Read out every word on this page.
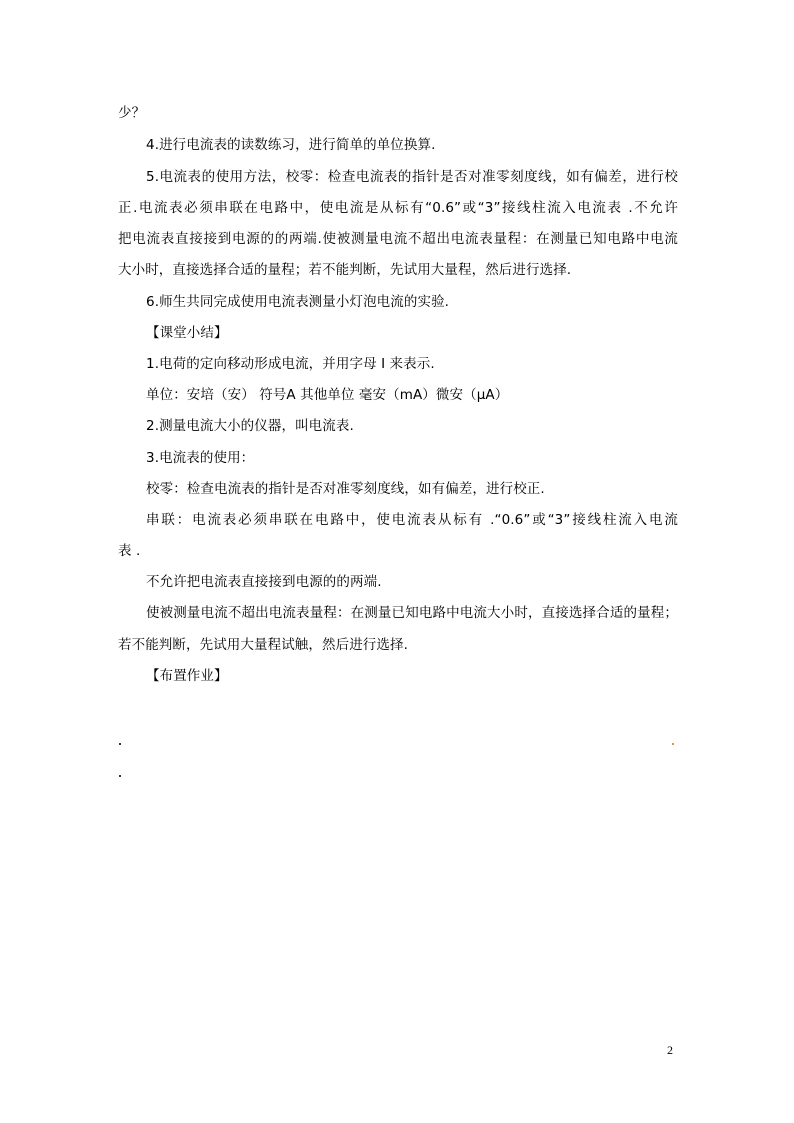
少？
4.进行电流表的读数练习，进行简单的单位换算.
5.电流表的使用方法，校零：检查电流表的指针是否对准零刻度线，如有偏差，进行校
正.电流表必须串联在电路中，使电流是从标有“0.6”或“3”接线柱流入电流表 .不允许
把电流表直接接到电源的的两端.使被测量电流不超出电流表量程：在测量已知电路中电流
大小时，直接选择合适的量程；若不能判断，先试用大量程，然后进行选择.
6.师生共同完成使用电流表测量小灯泡电流的实验.
【课堂小结】
1.电荷的定向移动形成电流，并用字母 I 来表示.
单位：安培（安） 符号A 其他单位 毫安（mA）微安（μA）
2.测量电流大小的仪器，叫电流表.
3.电流表的使用：
校零：检查电流表的指针是否对准零刻度线，如有偏差，进行校正.
串联：电流表必须串联在电路中，使电流表从标有 .“0.6”或“3”接线柱流入电流
表 .
不允许把电流表直接接到电源的的两端.
使被测量电流不超出电流表量程：在测量已知电路中电流大小时，直接选择合适的量程；
若不能判断，先试用大量程试触，然后进行选择.
【布置作业】
2
